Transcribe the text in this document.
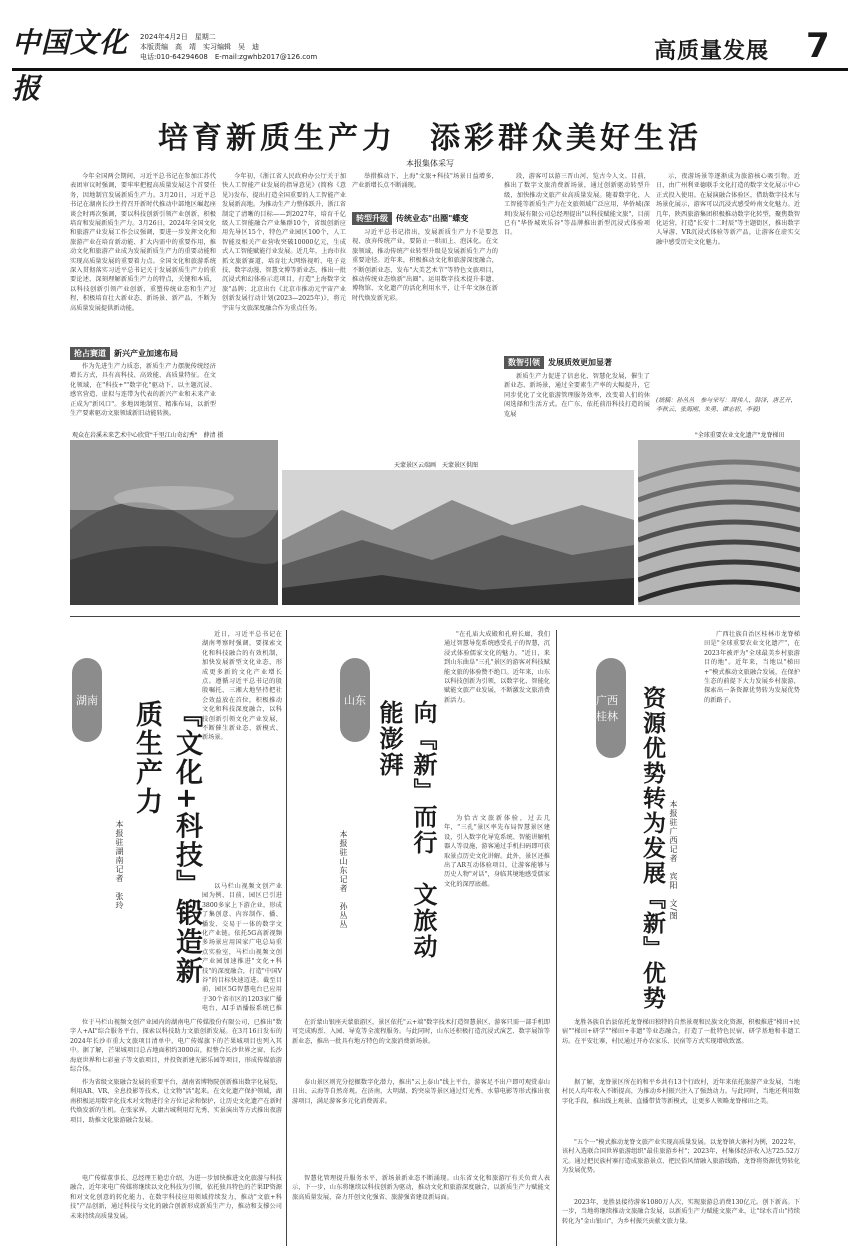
中国文化报
2024年4月2日　星期二
本版责编　高　靖　实习编辑　吴　迪
电话:010-64294608　E-mail:zgwhb2017@126.com	高质量发展	7
培育新质生产力　添彩群众美好生活
本报集体采写
今年全国两会期间，习近平总书记在参加江苏代表团审议时强调，要牢牢把握高质量发展这个首要任务，因地制宜发展新质生产力。3月20日，习近平总书记在湖南长沙主持召开新时代推动中部地区崛起座谈会时再次强调，要以科技创新引领产业创新，积极培育和发展新质生产力。3月26日，2024年全国文化和旅游产业发展工作会议强调，要进一步发挥文化和旅游产业在培育新动能、扩大内需中的重要作用，推动文化和旅游产业成为发展新质生产力的重要动能和实现高质量发展的重要着力点。全国文化和旅游系统深入贯彻落实习近平总书记关于发展新质生产力的重要论述，深刻理解新质生产力的特点，关键和本质，以科技创新引领产业创新，重塑传统业态和生产过程，积极培育壮大新业态、新场景、新产品，不断为高质量发展提供新动能。
抢占赛道	新兴产业加速布局
作为先进生产力质态，新质生产力摆脱传统经济增长方式，具有高科技、高效能、高质量特征。在文化领域，在"科技+""数字化"驱动下，以主题沉浸、感官营造、虚拟与连带为代表的新兴产业和未来产业正成为"新风口"。多地因地制宜、精准布局，以新型生产要素驱动文旅领域新旧动能转换。
今年初，《浙江省人民政府办公厅关于加快人工智能产业发展的指导意见》(简称《意见》)发布，提出打造全国重要的人工智能产业发展新高地。为推动生产力整体跃升，浙江省制定了清晰的目标——到2027年，培育千亿级人工智能融合产业集群10个，省级创新应用先导区15个，特色产业园区100个，人工智能及相关产业营收突破10000亿元，生成式人工智能赋能行业发展。近几年，上海市拉抓文旅新赛道，培育壮大网络视听、电子竞技、数字动漫、智慧文博等新业态，推出一批沉浸式和幻体验示范项目，打造"上海数字文旅"品牌；北京出台《北京市推动元宇宙产业创新发展行动计划(2023—2025年)》，将元宇宙与文旅深度融合作为重点任务。
举措推动下，上海"文旅+科技"场景日益增多，产业新增长点不断涌现。
转型升级	传统业态"出圈"蝶变
习近平总书记指出，发展新质生产力不是要忽视、放弃传统产业，要防止一哄而上、泡沫化。在文旅领域，推动传统产业转型升级是发展新质生产力的重要途径。近年来，积极推动文化和旅游深度融合，不断创新业态，发布"大美艺术节"等特色文旅项目，推动传统业态焕新"出圈"。运用数字技术提升非遗、博物馆、文化遗产的活化利用水平，让千年文脉在新时代焕发新光彩。
段，游客可以游三晋山河，览古今人文。目前，推出了数字文旅消费新场景，通过创新驱动转型升级，加快推动文旅产业高质量发展。随着数字化、人工智能等新质生产力在文旅领域广泛应用，华侨城(深圳)发展有限公司总经理提出"以科技赋能文旅"，目前已有"华侨城欢乐谷"等品牌推出新型沉浸式体验项目。
数智引领	发展质效更加显著
新质生产力促进了信息化、智慧化发展，催生了新业态、新场景，通过全要素生产率的大幅提升，它同步优化了文化旅游管理服务效率，改变着人们的休闲选择和生活方式。在广东，依托前沿科技打造的展览展
示，夜游场景等逐渐成为旅游核心吸引物。近日，由广州利亚德联手文化打造的数字文化展示中心正式投入使用。在展演融合体验区，借助数字技术与场景化展示，游客可以沉浸式感受岭南文化魅力。近几年，陕西旅游集团积极推动数字化转型，聚焦数智化运营，打造"长安十二时辰"等主题街区，推出数字人导游、VR沉浸式体验等新产品，让游客在虚实交融中感受历史文化魅力。
(统稿：孙丛丛　参与采写：周伟人、韩泽、唐艺开、李秋云、张海刚、朱勇、谭志初、李毅)
观众在岩溪未来艺术中心欣赏"千里江山奇幻秀"　薛清 摄
天蒙景区云端画　天蒙景区供图
"全球重要农业文化遗产"龙脊梯田
湖南	『文化+科技』锻造新质生产力
本报驻湖南记者　张玲
近日，习近平总书记在湖南考察时强调，要探索文化和科技融合的有效机制，加快发展新型文化业态，形成更多新的文化产业增长点。遵循习近平总书记的殷殷嘱托，三湘大地坚持把社会效益放在首位，积极推动文化和科技深度融合，以科技创新引领文化产业发展，不断催生新业态、新模式、新场景。
以马栏山视频文创产业园为例，目前，园区已引进3800多家上下游企业，形成了集创意、内容制作、播、播发、交易于一体的数字文化产业链。依托5G高新视频多场景应用国家广电总局重点实验室，马栏山视频文创产业园加速推进"文化+科技"的深度融合，打造"中国V谷"的目标快速迈进。截至目前，园区5G智慧电台已应用于30个省市区的1203家广播电台，AI手语播报系统已推
位于马栏山视频文创产业园内的湖南电广传媒股份有限公司，已推出"数字人+AI"综合服务平台，探索以科技助力文旅创新发展。在3月16日发布的2024年长沙市重大文旅项目清单中，电广传媒旗下的芒果城项目也列入其中。据了解，芒果城项目总占地面积约3000亩，拟整合长沙世界之窗、长沙海底世界和七彩童子等文旅项目，并投资新建光影乐园等项目，形成传媒旅游综合体。
作为省级文旅融合发展的重要平台，湖南省博物院创新推出数字化展览，利用AR、VR、全息投影等技术，让文物"活"起来。在文化遗产保护领域，湖南积极运用数字化技术对文物进行全方位记录和保护，让历史文化遗产在新时代焕发新的生机。在张家界，大庸古城利用灯光秀、实景演出等方式推出夜游项目，助推文化旅游融合发展。
电广传媒董事长、总经理王艳忠介绍，为进一步加快推进文化旅游与科技融合，近年来电广传媒将继续以文化科技为引领，依托独具特色的芒果IP资源和对文化创意的转化能力，在数字科技应用领域持续发力，推动"文旅+科技"产品创新，通过科技与文化的融合创新形成新质生产力，推动和支撑公司未来持续高质量发展。
山东	向『新』而行　文旅动能澎湃
本报驻山东记者　孙丛丛
"在孔庙大成殿和孔府长廊，我们通过智慧导览系统感受孔子的智慧，沉浸式体验儒家文化的魅力。"近日，来到山东曲阜"三孔"景区的游客对科技赋能文旅的体验赞不绝口。近年来，山东以科技创新为引领，以数字化、智能化赋能文旅产业发展，不断激发文旅消费新活力。
为恰古文旅新体验，过去几年，"三孔"景区率先布局智慧景区建设，引入数字化导览系统、智能讲解机器人等设施，游客通过手机扫码即可获取景点历史文化讲解。此外，景区还推出了AR互动体验项目，让游客能够与历史人物"对话"，身临其境地感受儒家文化的深厚底蕴。
在沂蒙山银座天蒙旅游区，景区依托"云+端"数字技术打造智慧景区，游客只需一部手机即可完成购票、入园、导览等全流程服务。与此同时，山东还积极打造沉浸式演艺、数字展馆等新业态，推出一批具有地方特色的文旅消费新场景。
泰山景区则充分挖掘数字化潜力，推出"云上泰山"线上平台，游客足不出户即可观赏泰山日出、云海等自然奇观。在济南，大明湖、趵突泉等景区通过灯光秀、水幕电影等形式推出夜游项目，满足游客多元化消费需求。
智慧化管理提升服务水平，新场景新业态不断涌现。山东省文化和旅游厅有关负责人表示，下一步，山东将继续以科技创新为驱动，推动文化和旅游深度融合，以新质生产力赋能文旅高质量发展，奋力开创文化强省、旅游强省建设新局面。
广西桂林 资源优势转为发展『新』优势 本报驻广西记者　宾阳　文/图
广西壮族自治区桂林市龙脊梯田是"全球重要农业文化遗产"，在2023年被评为"全球最美乡村旅游目的地"。近年来，当地以"梯田+"模式推动文旅融合发展，在保护生态的前提下大力发展乡村旅游，探索出一条资源优势转为发展优势的新路子。
龙胜各族自治县依托龙脊梯田独特的自然景观和民族文化资源，积极推进"梯田+民宿""梯田+研学""梯田+非遗"等业态融合，打造了一批特色民宿、研学基地和非遗工坊。在平安壮寨，村民通过开办农家乐、民宿等方式实现增收致富。
据了解，龙脊景区所在的和平乡共有13个行政村，近年来依托旅游产业发展，当地村民人均年收入不断提高，为推动乡村振兴注入了强劲动力。与此同时，当地还利用数字化手段，推出线上观景、直播带货等新模式，让更多人领略龙脊梯田之美。
"五个一"模式推动龙脊文旅产业实现高质量发展。以龙脊镇大寨村为例，2022年，该村入选联合国世界旅游组织"最佳旅游乡村"；2023年，村集体经济收入达725.52万元。通过把民族村寨打造成旅游景点、把民俗风情融入旅游线路，龙脊将资源优势转化为发展优势。
2023年，龙胜县接待游客1080万人次，实现旅游总消费130亿元。创下新高。下一步，当地将继续推动文旅融合发展，以新质生产力赋能文旅产业，让"绿水青山"持续转化为"金山银山"，为乡村振兴贡献文旅力量。
